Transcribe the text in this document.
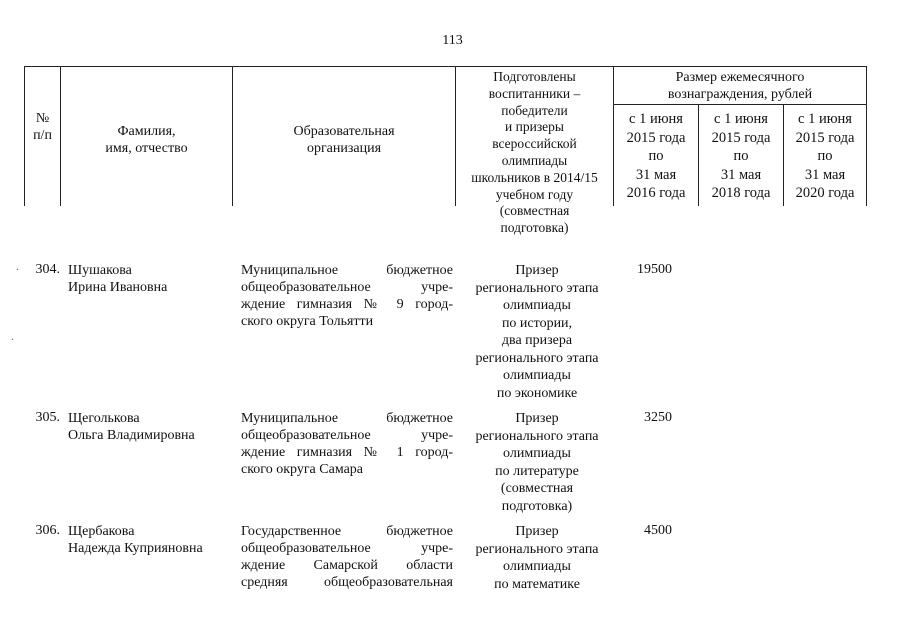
113
№
п/п	Фамилия,
имя, отчество
Образовательная
организация
Подготовлены
воспитанники –
победители
и призеры
всероссийской
олимпиады
школьников в 2014/15
учебном году
(совместная
подготовка)
Размер ежемесячного
вознаграждения, рублей
с 1 июня
2015 года
по
31 мая
2016 года
с 1 июня
2015 года
по
31 мая
2018 года
с 1 июня
2015 года
по
31 мая
2020 года
.	304. Шушакова
Ирина Ивановна
Муниципальное бюджетное
общеобразовательное учре-
ждение гимназия № 9 город-
ского округа Тольятти
Призер
регионального этапа
олимпиады
по истории,
два призера
регионального этапа
олимпиады
по экономике
19500
.
305. Щеголькова
Ольга Владимировна
Муниципальное бюджетное
общеобразовательное учре-
ждение гимназия № 1 город-
ского округа Самара
Призер
регионального этапа
олимпиады
по литературе
(совместная
подготовка)
3250
306. Щербакова
Надежда Куприяновна
Государственное бюджетное
общеобразовательное учре-
ждение Самарской области
средняя общеобразовательная
Призер
регионального этапа
олимпиады
по математике
4500
